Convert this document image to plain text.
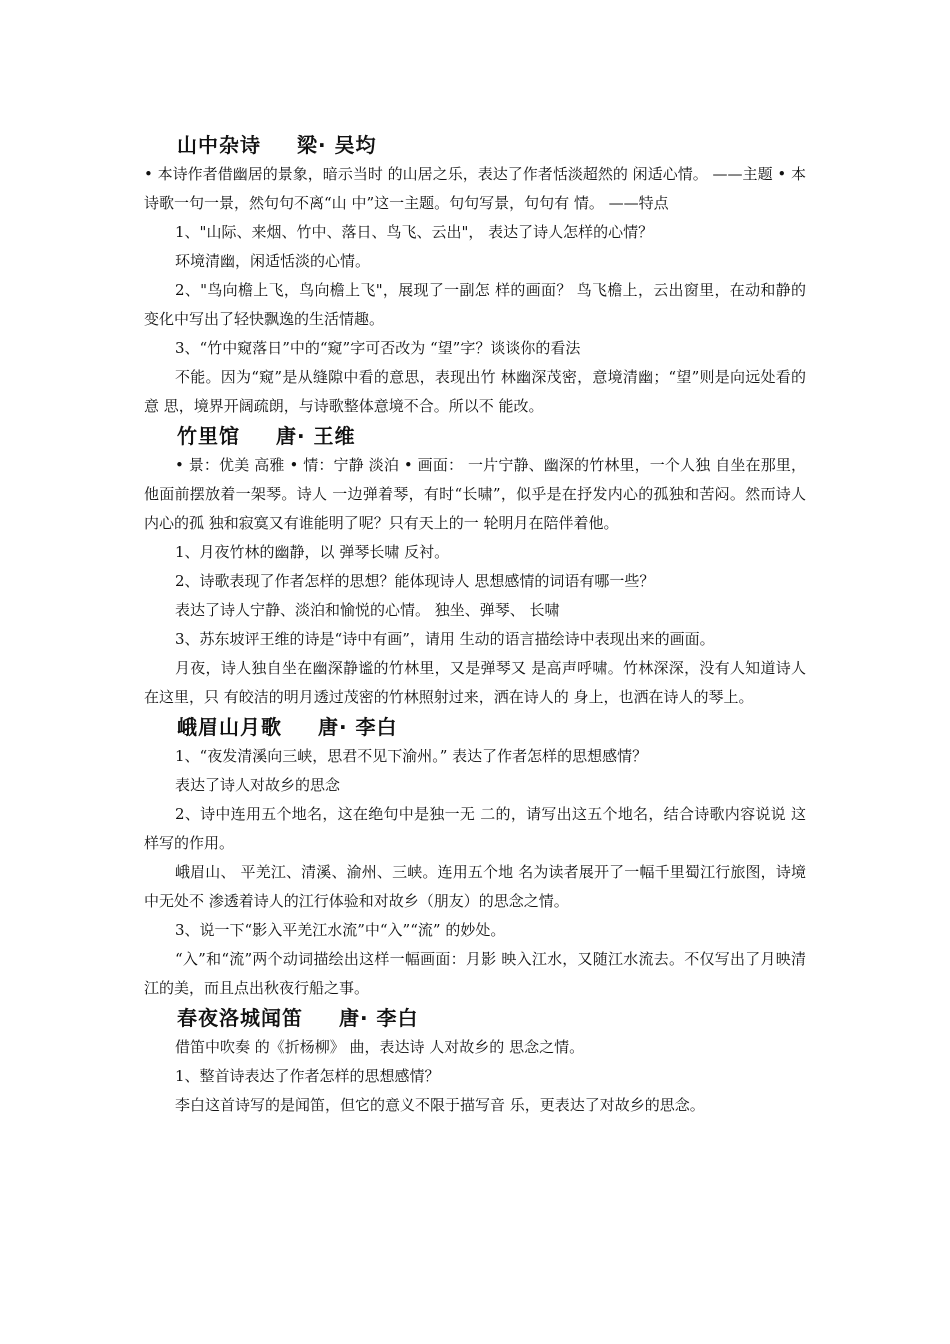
山中杂诗 梁· 吴均

• 本诗作者借幽居的景象，暗示当时 的山居之乐，表达了作者恬淡超然的 闲适心情。 ——主题 • 本诗歌一句一景，然句句不离“山 中”这一主题。句句写景，句句有 情。 ——特点

1、"山际、来烟、竹中、落日、鸟飞、云出"， 表达了诗人怎样的心情？

环境清幽，闲适恬淡的心情。

2、"鸟向檐上飞，鸟向檐上飞"，展现了一副怎 样的画面？ 鸟飞檐上，云出窗里，在动和静的变化中写出了轻快飘逸的生活情趣。

3、“竹中窥落日”中的“窥”字可否改为 “望”字？谈谈你的看法

不能。因为“窥”是从缝隙中看的意思，表现出竹 林幽深茂密，意境清幽；“望”则是向远处看的意 思，境界开阔疏朗，与诗歌整体意境不合。所以不 能改。

竹里馆 唐· 王维

• 景：优美 高雅 • 情：宁静 淡泊 • 画面： 一片宁静、幽深的竹林里，一个人独 自坐在那里，他面前摆放着一架琴。诗人 一边弹着琴，有时“长啸”，似乎是在抒发内心的孤独和苦闷。然而诗人内心的孤 独和寂寞又有谁能明了呢？只有天上的一 轮明月在陪伴着他。

1、月夜竹林的幽静，以 弹琴长啸 反衬。

2、诗歌表现了作者怎样的思想？能体现诗人 思想感情的词语有哪一些？

表达了诗人宁静、淡泊和愉悦的心情。 独坐、弹琴、 长啸

3、苏东坡评王维的诗是“诗中有画”，请用 生动的语言描绘诗中表现出来的画面。

月夜，诗人独自坐在幽深静谧的竹林里，又是弹琴又 是高声呼啸。竹林深深，没有人知道诗人在这里，只 有皎洁的明月透过茂密的竹林照射过来，洒在诗人的 身上，也洒在诗人的琴上。

峨眉山月歌 唐· 李白

1、“夜发清溪向三峡，思君不见下渝州。” 表达了作者怎样的思想感情？

表达了诗人对故乡的思念

2、诗中连用五个地名，这在绝句中是独一无 二的，请写出这五个地名，结合诗歌内容说说 这样写的作用。

峨眉山、 平羌江、清溪、渝州、三峡。连用五个地 名为读者展开了一幅千里蜀江行旅图，诗境中无处不 渗透着诗人的江行体验和对故乡（朋友）的思念之情。

3、说一下“影入平羌江水流”中“入”“流” 的妙处。

“入”和“流”两个动词描绘出这样一幅画面：月影 映入江水，又随江水流去。不仅写出了月映清江的美，而且点出秋夜行船之事。

春夜洛城闻笛 唐· 李白

借笛中吹奏 的《折杨柳》 曲，表达诗 人对故乡的 思念之情。

1、整首诗表达了作者怎样的思想感情？

李白这首诗写的是闻笛，但它的意义不限于描写音 乐，更表达了对故乡的思念。
